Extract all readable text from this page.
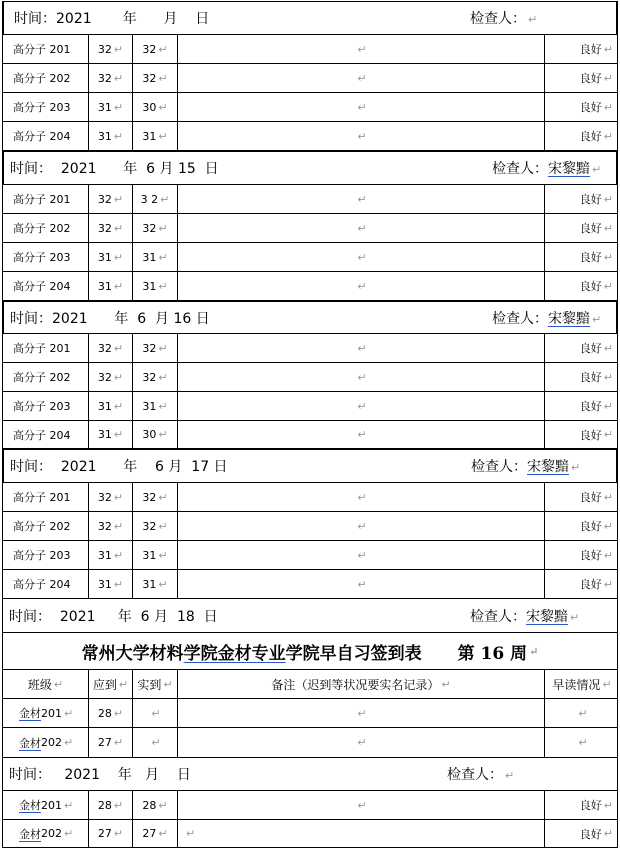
时间：2021       年      月    日	检查人： ↵
高分子 201	32 ↵ 32 ↵	↵	良好 ↵
高分子 202	32 ↵ 32 ↵	↵	良好 ↵
高分子 203	31 ↵ 30 ↵	↵	良好 ↵
高分子 204	31 ↵ 31 ↵	↵	良好 ↵
时间：  2021      年  6 月 15  日	检查人：宋黎黯 ↵
高分子 201	32 ↵ 3 2 ↵	↵	良好 ↵
高分子 202	32 ↵ 32 ↵	↵	良好 ↵
高分子 203	31 ↵ 31 ↵	↵	良好 ↵
高分子 204	31 ↵ 31 ↵	↵	良好 ↵
时间：2021      年  6  月 16 日	检查人：宋黎黯 ↵
高分子 201	32 ↵ 32 ↵	↵	良好 ↵
高分子 202	32 ↵ 32 ↵	↵	良好 ↵
高分子 203	31 ↵ 31 ↵	↵	良好 ↵
高分子 204	31 ↵ 30 ↵	↵	良好 ↵
时间：  2021      年    6 月  17 日	检查人：宋黎黯 ↵
高分子 201	32 ↵ 32 ↵	↵	良好 ↵
高分子 202	32 ↵ 32 ↵	↵	良好 ↵
高分子 203	31 ↵ 31 ↵	↵	良好 ↵
高分子 204	31 ↵ 31 ↵	↵	良好 ↵
时间：  2021     年  6 月  18  日	检查人：宋黎黯 ↵
常州大学材料 学院金材专业 学院早自习签到表 第 16 周 ↵
班级 ↵ 应到 ↵ 实到 ↵	备注（迟到等状况要实名记录） ↵	早读情况 ↵
金材 201 ↵ 28 ↵	↵	↵	↵
金材 202 ↵ 27 ↵	↵	↵	↵
时间：   2021    年   月    日	检查人： ↵
金材 201 ↵ 28 ↵ 28 ↵	↵	良好 ↵
金材 202 ↵ 27 ↵ 27 ↵ ↵	良好 ↵
